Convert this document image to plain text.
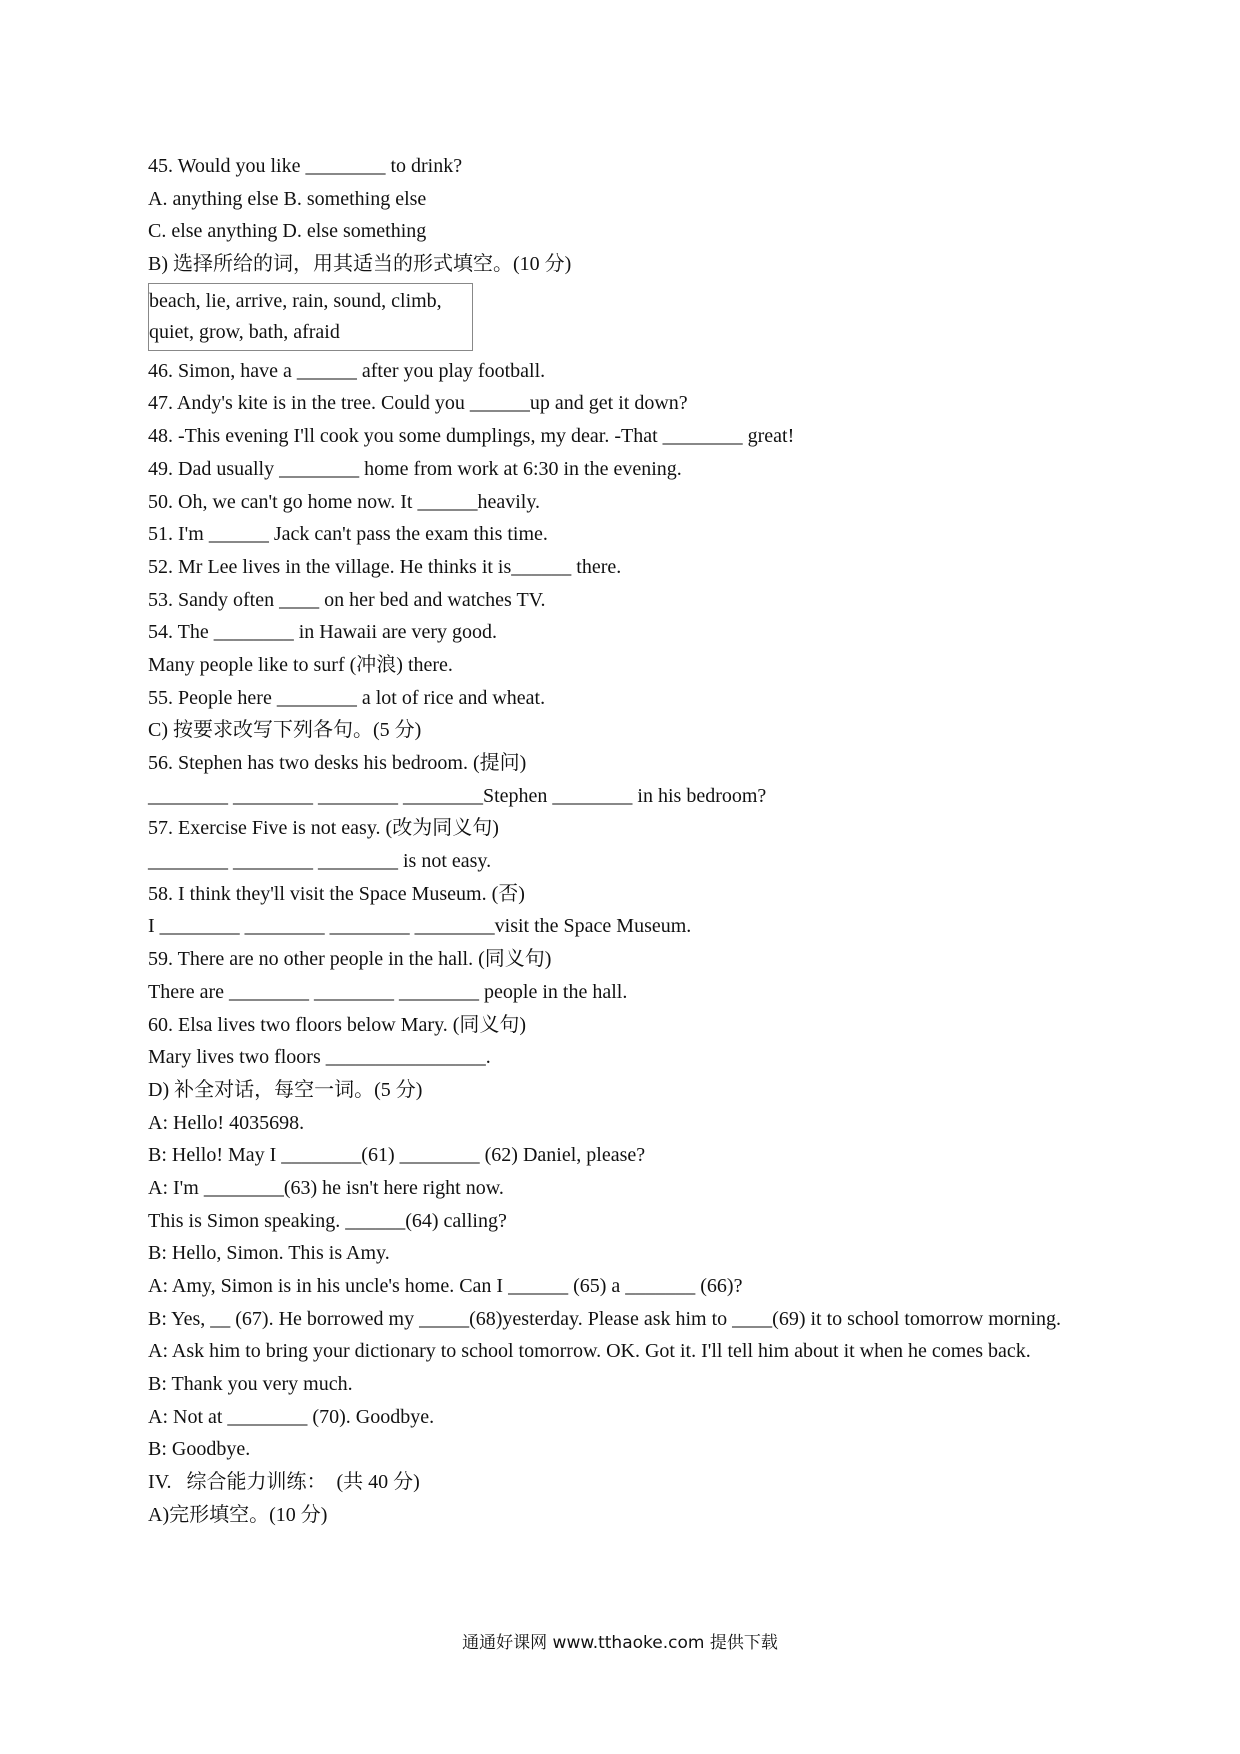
45. Would you like ________ to drink?
A. anything else B. something else
C. else anything D. else something
B) 选择所给的词，用其适当的形式填空。(10 分)
beach, lie, arrive, rain, sound, climb,
quiet, grow, bath, afraid
46. Simon, have a ______ after you play football.
47. Andy's kite is in the tree. Could you ______up and get it down?
48. -This evening I'll cook you some dumplings, my dear. -That ________ great!
49. Dad usually ________ home from work at 6:30 in the evening.
50. Oh, we can't go home now. It ______heavily.
51. I'm ______ Jack can't pass the exam this time.
52. Mr Lee lives in the village. He thinks it is______ there.
53. Sandy often ____ on her bed and watches TV.
54. The ________ in Hawaii are very good.
Many people like to surf (冲浪) there.
55. People here ________ a lot of rice and wheat.
C) 按要求改写下列各句。(5 分)
56. Stephen has two desks his bedroom. (提问)
________ ________ ________ ________Stephen ________ in his bedroom?
57. Exercise Five is not easy. (改为同义句)
________ ________ ________ is not easy.
58. I think they'll visit the Space Museum. (否)
I ________ ________ ________ ________visit the Space Museum.
59. There are no other people in the hall. (同义句)
There are ________ ________ ________ people in the hall.
60. Elsa lives two floors below Mary. (同义句)
Mary lives two floors ________________.
D) 补全对话，每空一词。(5 分)
A: Hello! 4035698.
B: Hello! May I ________(61) ________ (62) Daniel, please?
A: I'm ________(63) he isn't here right now.
This is Simon speaking. ______(64) calling?
B: Hello, Simon. This is Amy.
A: Amy, Simon is in his uncle's home. Can I ______ (65) a _______ (66)?
B: Yes, __ (67). He borrowed my _____(68)yesterday. Please ask him to ____(69) it to school tomorrow morning.
A: Ask him to bring your dictionary to school tomorrow. OK. Got it. I'll tell him about it when he comes back.
B: Thank you very much.
A: Not at ________ (70). Goodbye.
B: Goodbye.
IV.   综合能力训练：  (共 40 分)
A)完形填空。(10 分)
通通好课网 www.tthaoke.com 提供下载
